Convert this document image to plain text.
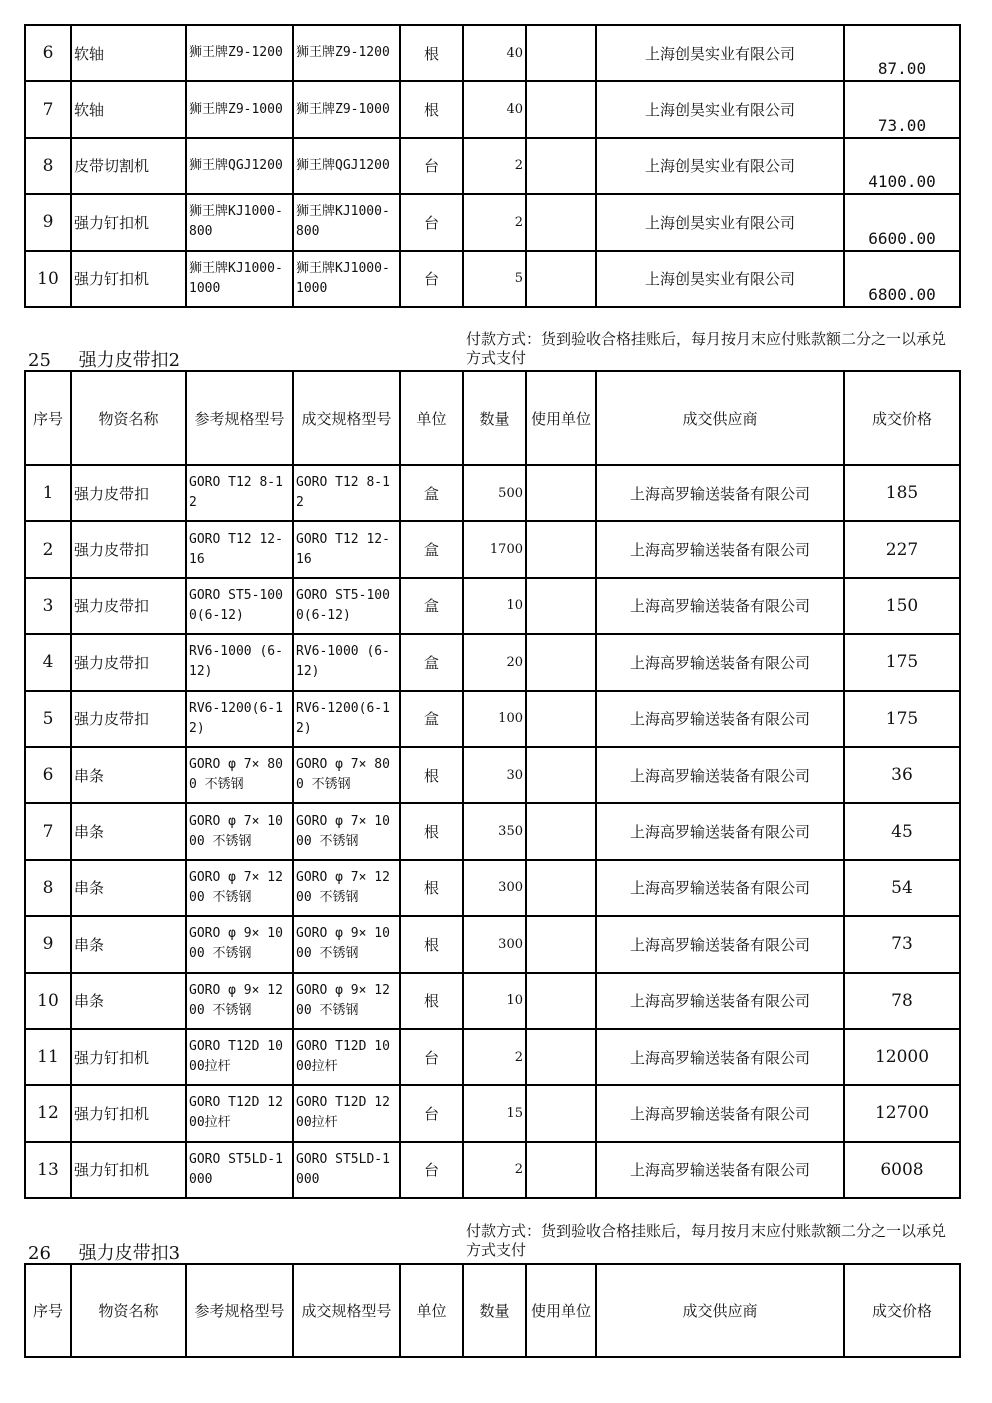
6	软轴	狮王牌Z9-1200	狮王牌Z9-1200	根	40		上海创昊实业有限公司	87.00
7	软轴	狮王牌Z9-1000	狮王牌Z9-1000	根	40		上海创昊实业有限公司	73.00
8	皮带切割机	狮王牌QGJ1200	狮王牌QGJ1200	台	2		上海创昊实业有限公司	4100.00
9	强力钉扣机	狮王牌KJ1000-800	狮王牌KJ1000-800	台	2		上海创昊实业有限公司	6600.00
10	强力钉扣机	狮王牌KJ1000-1000	狮王牌KJ1000-1000	台	5		上海创昊实业有限公司	6800.00
25 强力皮带扣2
付款方式：货到验收合格挂账后，每月按月末应付账款额二分之一以承兑方式支付
序号	物资名称	参考规格型号	成交规格型号	单位	数量	使用单位	成交供应商	成交价格
1	强力皮带扣	GORO T12 8-12	GORO T12 8-12	盒	500		上海高罗输送装备有限公司	185
2	强力皮带扣	GORO T12 12-16	GORO T12 12-16	盒	1700		上海高罗输送装备有限公司	227
3	强力皮带扣	GORO ST5-1000(6-12)	GORO ST5-1000(6-12)	盒	10		上海高罗输送装备有限公司	150
4	强力皮带扣	RV6-1000 (6-12)	RV6-1000 (6-12)	盒	20		上海高罗输送装备有限公司	175
5	强力皮带扣	RV6-1200(6-12)	RV6-1200(6-12)	盒	100		上海高罗输送装备有限公司	175
6	串条	GORO φ 7× 800 不锈钢	GORO φ 7× 800 不锈钢	根	30		上海高罗输送装备有限公司	36
7	串条	GORO φ 7× 1000 不锈钢	GORO φ 7× 1000 不锈钢	根	350		上海高罗输送装备有限公司	45
8	串条	GORO φ 7× 1200 不锈钢	GORO φ 7× 1200 不锈钢	根	300		上海高罗输送装备有限公司	54
9	串条	GORO φ 9× 1000 不锈钢	GORO φ 9× 1000 不锈钢	根	300		上海高罗输送装备有限公司	73
10	串条	GORO φ 9× 1200 不锈钢	GORO φ 9× 1200 不锈钢	根	10		上海高罗输送装备有限公司	78
11	强力钉扣机	GORO T12D 1000拉杆	GORO T12D 1000拉杆	台	2		上海高罗输送装备有限公司	12000
12	强力钉扣机	GORO T12D 1200拉杆	GORO T12D 1200拉杆	台	15		上海高罗输送装备有限公司	12700
13	强力钉扣机	GORO ST5LD-1000	GORO ST5LD-1000	台	2		上海高罗输送装备有限公司	6008
26 强力皮带扣3
付款方式：货到验收合格挂账后，每月按月末应付账款额二分之一以承兑方式支付
序号	物资名称	参考规格型号	成交规格型号	单位	数量	使用单位	成交供应商	成交价格
